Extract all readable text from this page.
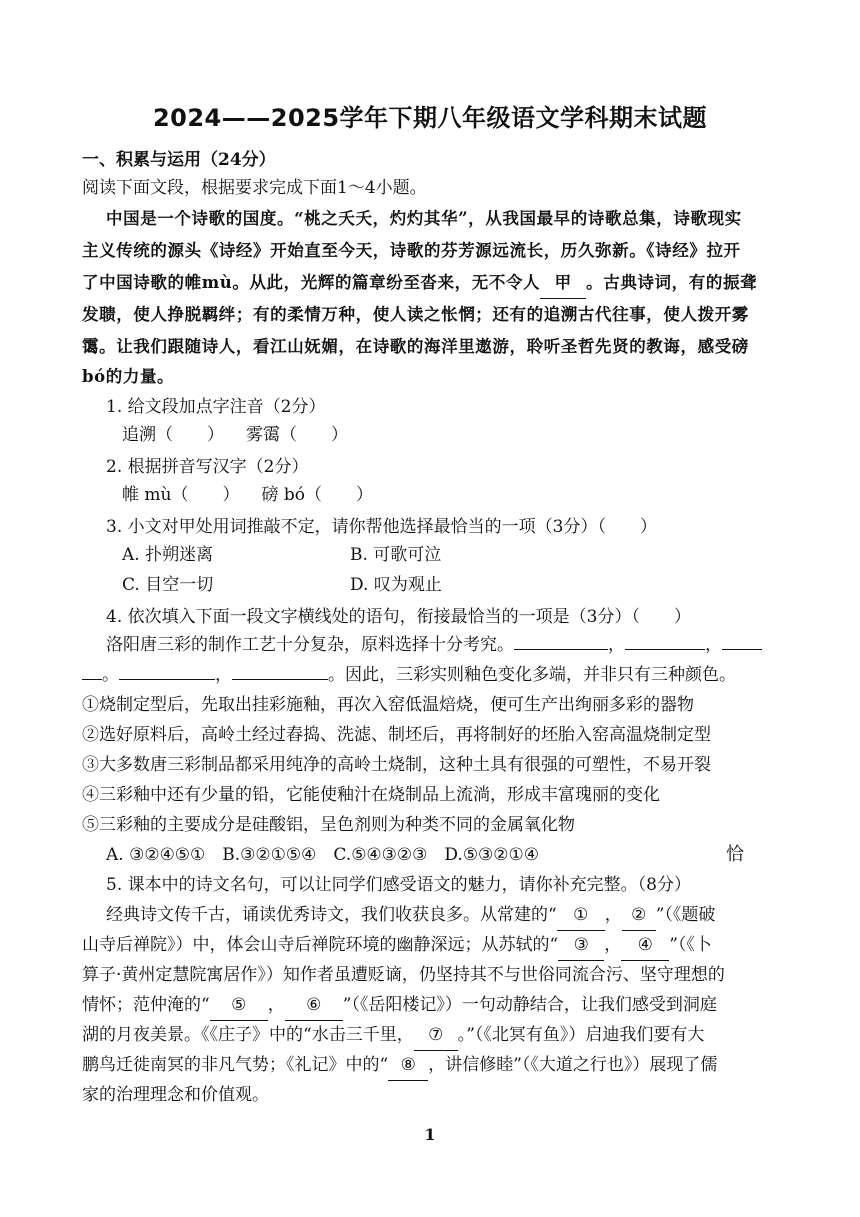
2024——2025学年下期八年级语文学科期末试题
一、积累与运用（24分）
阅读下面文段，根据要求完成下面1～4小题。
中国是一个诗歌的国度。“桃之夭夭，灼灼其华”，从我国最早的诗歌总集，诗歌现实
主义传统的源头《诗经》开始直至今天，诗歌的芬芳源远流长，历久弥新。《诗经》拉开
了中国诗歌的帷mù。从此，光辉的篇章纷至沓来，无不令人 甲 。古典诗词，有的振聋
发聩，使人挣脱羁绊；有的柔情万种，使人读之怅惘；还有的追溯古代往事，使人拨开雾
霭。让我们跟随诗人，看江山妩媚，在诗歌的海洋里遨游，聆听圣哲先贤的教诲，感受磅
bó的力量。
1. 给文段加点字注音（2分）
追溯（ ） 雾霭（ ）
2. 根据拼音写汉字（2分）
帷 mù（ ） 磅 bó（ ）
3. 小文对甲处用词推敲不定，请你帮他选择最恰当的一项（3分）（　　）
A. 扑朔迷离	B. 可歌可泣
C. 目空一切	D. 叹为观止
4. 依次填入下面一段文字横线处的语句，衔接最恰当的一项是（3分）（　　）
洛阳唐三彩的制作工艺十分复杂，原料选择十分考究。	，	，
。	，	。因此，三彩实则釉色变化多端，并非只有三种颜色。
①烧制定型后，先取出挂彩施釉，再次入窑低温焙烧，便可生产出绚丽多彩的器物
②选好原料后，高岭土经过舂捣、洗滤、制坯后，再将制好的坯胎入窑高温烧制定型
③大多数唐三彩制品都采用纯净的高岭土烧制，这种土具有很强的可塑性，不易开裂
④三彩釉中还有少量的铅，它能使釉汁在烧制品上流淌，形成丰富瑰丽的变化
⑤三彩釉的主要成分是硅酸铝，呈色剂则为种类不同的金属氧化物
A. ③②④⑤①　B.③②①⑤④　C.⑤④③②③　D.⑤③②①④	恰
5. 课本中的诗文名句，可以让同学们感受语文的魅力，请你补充完整。（8分）
经典诗文传千古，诵读优秀诗文，我们收获良多。从常建的“ ① ， ② ”（《题破
山寺后禅院》）中，体会山寺后禅院环境的幽静深远；从苏轼的“ ③ ， ④ ”（《卜
算子·黄州定慧院寓居作》）知作者虽遭贬谪，仍坚持其不与世俗同流合污、坚守理想的
情怀；范仲淹的“ ⑤ ， ⑥ ”（《岳阳楼记》）一句动静结合，让我们感受到洞庭
湖的月夜美景。《《庄子》中的“水击三千里， ⑦ 。”（《北冥有鱼》）启迪我们要有大
鹏鸟迁徙南冥的非凡气势；《礼记》中的“ ⑧ ，讲信修睦”（《大道之行也》）展现了儒
家的治理理念和价值观。
1
